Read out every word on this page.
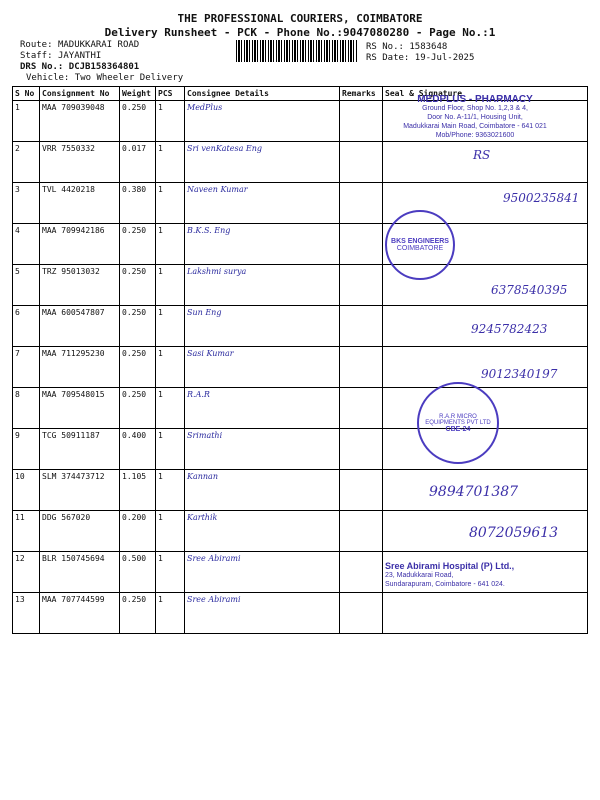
THE PROFESSIONAL COURIERS, COIMBATORE
Delivery Runsheet - PCK - Phone No.:9047080280 - Page No.:1
Route: MADUKKARAI ROAD
Staff: JAYANTHI
DRS No.: DCJB158364801
Vehicle: Two Wheeler Delivery
RS No.: 1583648
RS Date: 19-Jul-2025
S No	Consignment No	Weight	PCS	Consignee Details	Remarks	Seal & Signature
1	MAA 709039048	0.250	1	MedPlus		MEDPLUS - PHARMACY
Ground Floor, Shop No. 1,2,3 & 4,
Door No. A-11/1, Housing Unit,
Madukkarai Main Road, Coimbatore - 641 021
Mob/Phone: 9363021600

2	VRR 7550332	0.017	1	Sri venKatesa Eng		RS

3	TVL 4420218	0.380	1	Naveen Kumar		9500235841

4	MAA 709942186	0.250	1	B.K.S. Eng		BKS ENGINEERS
COIMBATORE

5	TRZ 95013032	0.250	1	Lakshmi surya		6378540395

6	MAA 600547807	0.250	1	Sun Eng		9245782423

7	MAA 711295230	0.250	1	Sasi Kumar		9012340197

8	MAA 709548015	0.250	1	R.A.R		R.A.R MICRO EQUIPMENTS PVT LTD
CBE-24

9	TCG 50911187	0.400	1	Srimathi		
10	SLM 374473712	1.105	1	Kannan		9894701387

11	DDG 567020	0.200	1	Karthik		8072059613

12	BLR 150745694	0.500	1	Sree Abirami		Sree Abirami Hospital (P) Ltd.,
23, Madukkarai Road,
Sundarapuram, Coimbatore - 641 024.

13	MAA 707744599	0.250	1	Sree Abirami		
